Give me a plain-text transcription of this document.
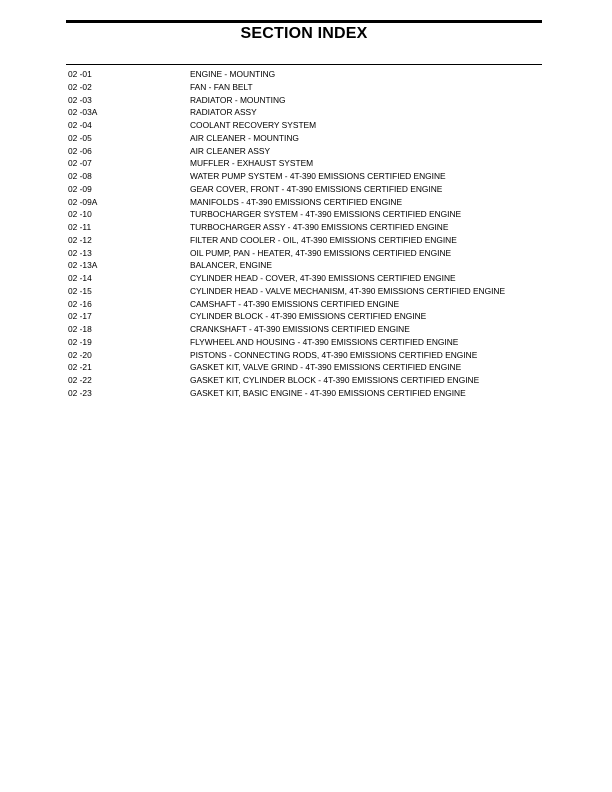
SECTION INDEX
02 -01	ENGINE - MOUNTING
02 -02	FAN - FAN BELT
02 -03	RADIATOR - MOUNTING
02 -03A	RADIATOR ASSY
02 -04	COOLANT RECOVERY SYSTEM
02 -05	AIR CLEANER - MOUNTING
02 -06	AIR CLEANER ASSY
02 -07	MUFFLER - EXHAUST SYSTEM
02 -08	WATER PUMP SYSTEM - 4T-390 EMISSIONS CERTIFIED ENGINE
02 -09	GEAR COVER, FRONT - 4T-390 EMISSIONS CERTIFIED ENGINE
02 -09A	MANIFOLDS - 4T-390 EMISSIONS CERTIFIED ENGINE
02 -10	TURBOCHARGER SYSTEM - 4T-390 EMISSIONS CERTIFIED ENGINE
02 -11	TURBOCHARGER ASSY - 4T-390 EMISSIONS CERTIFIED ENGINE
02 -12	FILTER AND COOLER - OIL, 4T-390 EMISSIONS CERTIFIED ENGINE
02 -13	OIL PUMP, PAN - HEATER, 4T-390 EMISSIONS CERTIFIED ENGINE
02 -13A	BALANCER, ENGINE
02 -14	CYLINDER HEAD - COVER, 4T-390 EMISSIONS CERTIFIED ENGINE
02 -15	CYLINDER HEAD - VALVE MECHANISM, 4T-390 EMISSIONS CERTIFIED ENGINE
02 -16	CAMSHAFT - 4T-390 EMISSIONS CERTIFIED ENGINE
02 -17	CYLINDER BLOCK - 4T-390 EMISSIONS CERTIFIED ENGINE
02 -18	CRANKSHAFT - 4T-390 EMISSIONS CERTIFIED ENGINE
02 -19	FLYWHEEL AND HOUSING - 4T-390 EMISSIONS CERTIFIED ENGINE
02 -20	PISTONS - CONNECTING RODS, 4T-390 EMISSIONS CERTIFIED ENGINE
02 -21	GASKET KIT, VALVE GRIND - 4T-390 EMISSIONS CERTIFIED ENGINE
02 -22	GASKET KIT, CYLINDER BLOCK - 4T-390 EMISSIONS CERTIFIED ENGINE
02 -23	GASKET KIT, BASIC ENGINE - 4T-390 EMISSIONS CERTIFIED ENGINE
